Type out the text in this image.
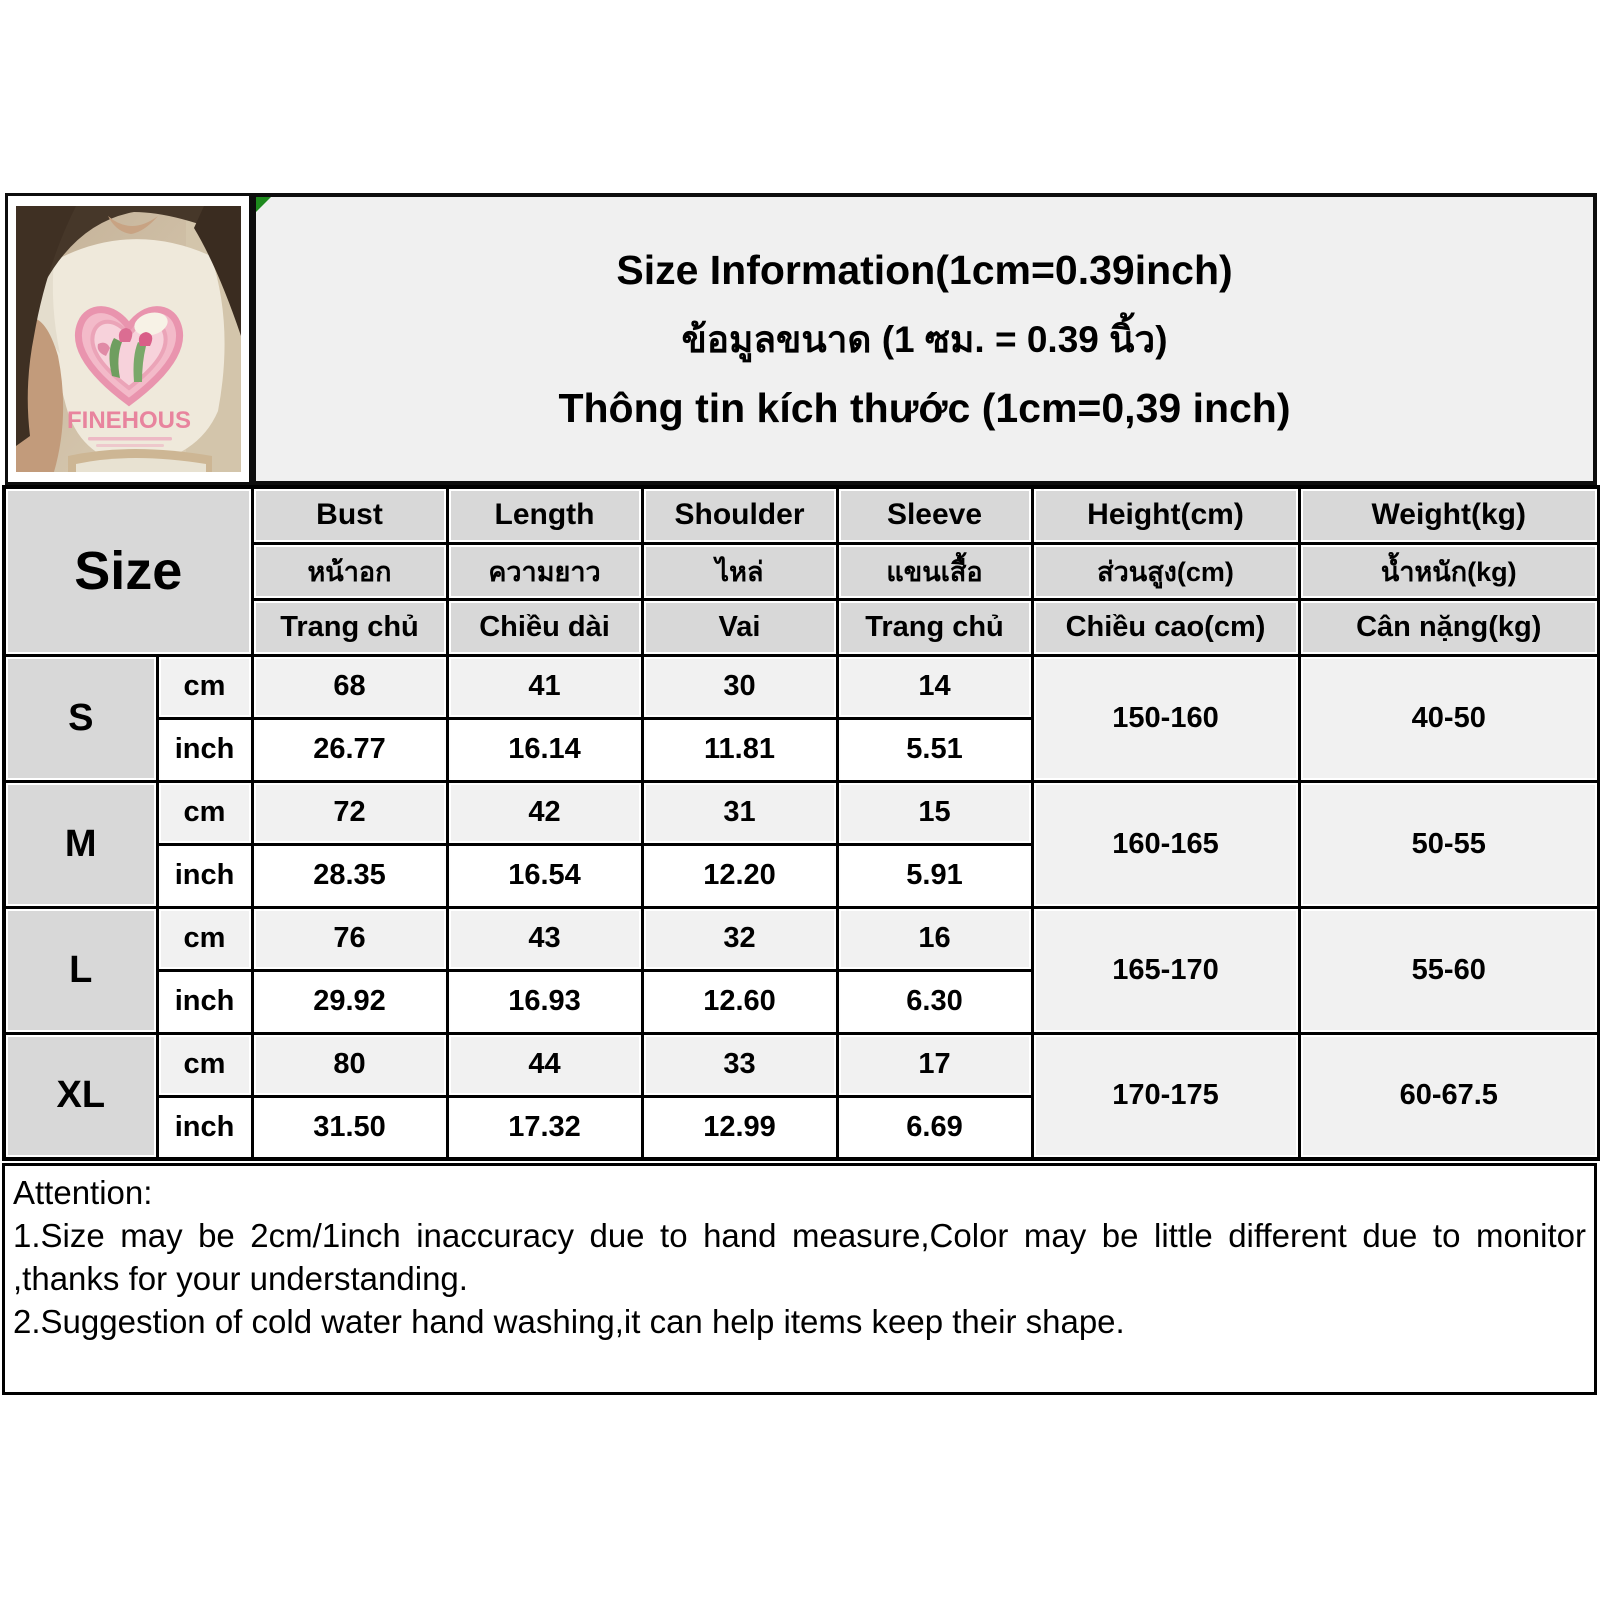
FINEHOUS
Size Information(1cm=0.39inch)
ข้อมูลขนาด (1 ซม. = 0.39 นิ้ว)
Thông tin kích thước (1cm=0,39 inch)
Size		Bust	Length	Shoulder	Sleeve	Height(cm)	Weight(kg)

หน้าอก	ความยาว	ไหล่	แขนเสื้อ	ส่วนสูง(cm)	น้ำหนัก(kg)

Trang chủ	Chiều dài	Vai	Trang chủ	Chiều cao(cm)	Cân nặng(kg)

S	cm	68	41	30	14	150-160	40-50

inch	26.77	16.14	11.81	5.51		

M	cm	72	42	31	15	160-165	50-55

inch	28.35	16.54	12.20	5.91		

L	cm	76	43	32	16	165-170	55-60

inch	29.92	16.93	12.60	6.30		

XL	cm	80	44	33	17	170-175	60-67.5

inch	31.50	17.32	12.99	6.69		
Attention:
1.Size may be 2cm/1inch inaccuracy due to hand measure,Color may be little different due to monitor ,thanks for your understanding.
2.Suggestion of cold water hand washing,it can help items keep their shape.
